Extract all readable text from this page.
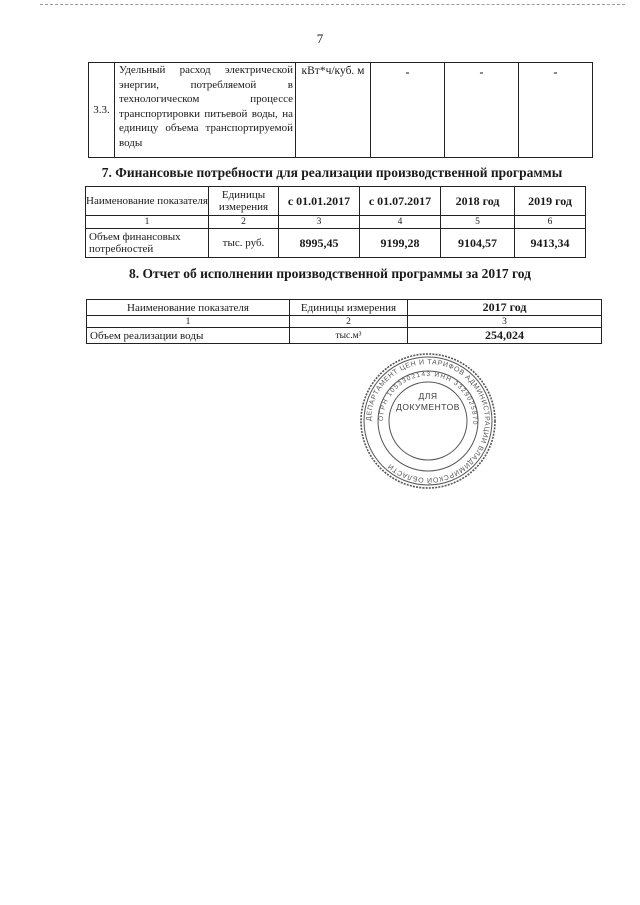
7
3.3.	Удельный расход электрической энергии, потребляемой в технологическом процессе транспортировки питьевой воды, на единицу объема транспортируемой воды	кВт*ч/куб. м	-	-	-
7. Финансовые потребности для реализации производственной программы
Наименование показателя	Единицы измерения	с 01.01.2017	с 01.07.2017	2018 год	2019 год
1	2	3	4	5	6
Объем финансовых потребностей	тыс. руб.	8995,45	9199,28	9104,57	9413,34
8. Отчет об исполнении производственной программы за 2017 год
Наименование показателя	Единицы измерения	2017 год
1	2	3
Объем реализации воды	тыс.м³	254,024
ДЕПАРТАМЕНТ ЦЕН И ТАРИФОВ АДМИНИСТРАЦИИ ВЛАДИМИРСКОЙ ОБЛАСТИ
ОГРН 1053302143 ИНН 3329025870
ДЛЯ ДОКУМЕНТОВ
